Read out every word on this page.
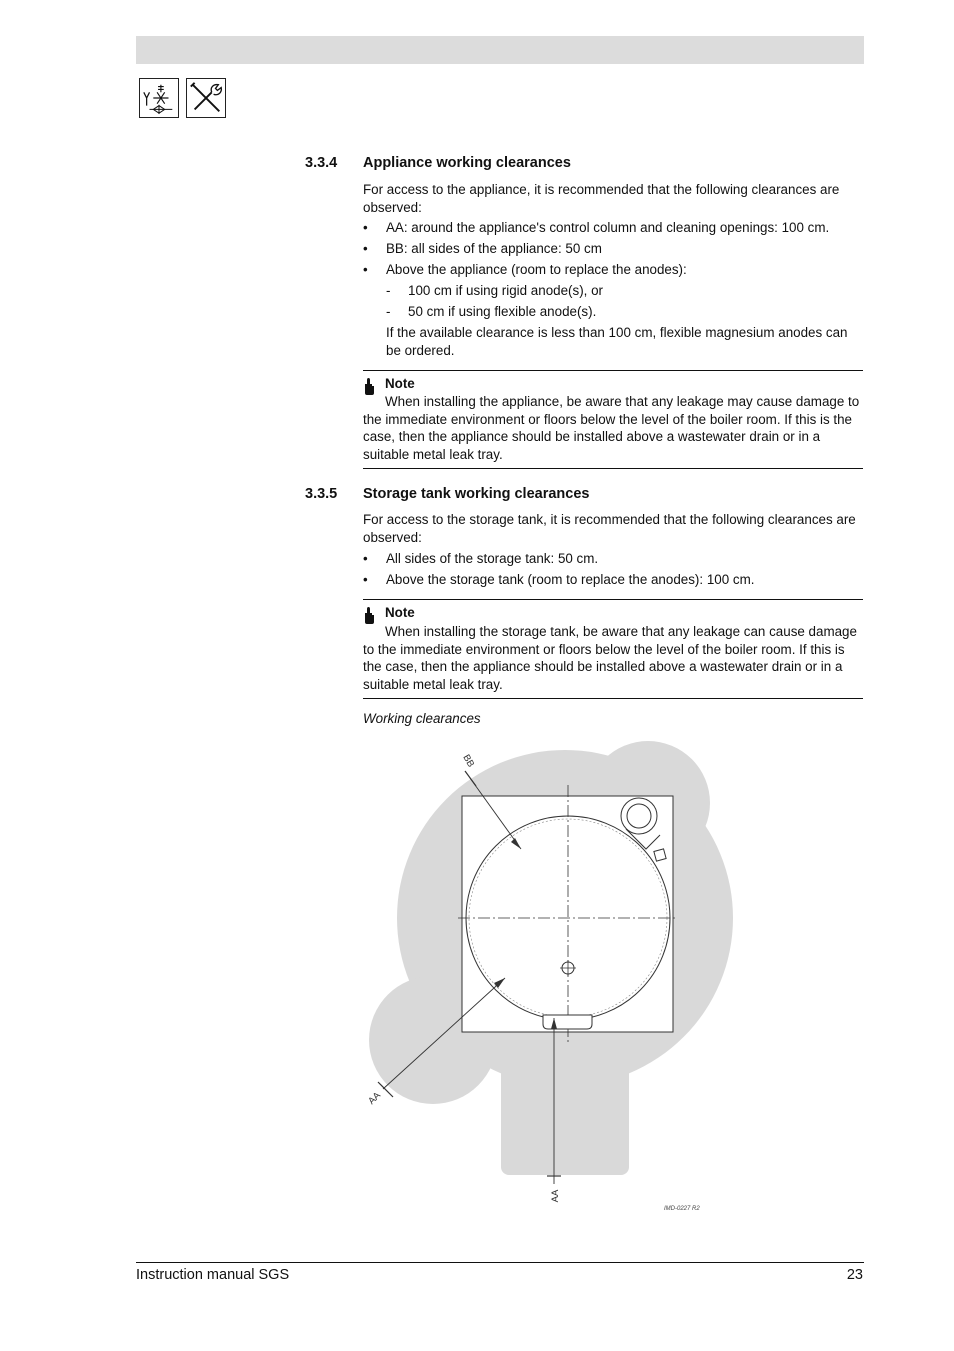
3.3.4 Appliance working clearances
For access to the appliance, it is recommended that the following clearances are observed:
• AA: around the appliance's control column and cleaning openings: 100 cm.
• BB: all sides of the appliance: 50 cm
• Above the appliance (room to replace the anodes):
- 100 cm if using rigid anode(s), or
- 50 cm if using flexible anode(s).
If the available clearance is less than 100 cm, flexible magnesium anodes can be ordered.
Note
When installing the appliance, be aware that any leakage may cause damage to the immediate environment or floors below the level of the boiler room. If this is the case, then the appliance should be installed above a wastewater drain or in a suitable metal leak tray.
3.3.5 Storage tank working clearances
For access to the storage tank, it is recommended that the following clearances are observed:
• All sides of the storage tank: 50 cm.
• Above the storage tank (room to replace the anodes): 100 cm.
Note
When installing the storage tank, be aware that any leakage can cause damage to the immediate environment or floors below the level of the boiler room. If this is the case, then the appliance should be installed above a wastewater drain or in a suitable metal leak tray.
Working clearances
BB
AA
AA
IMD-0227 R2
Instruction manual SGS	23
